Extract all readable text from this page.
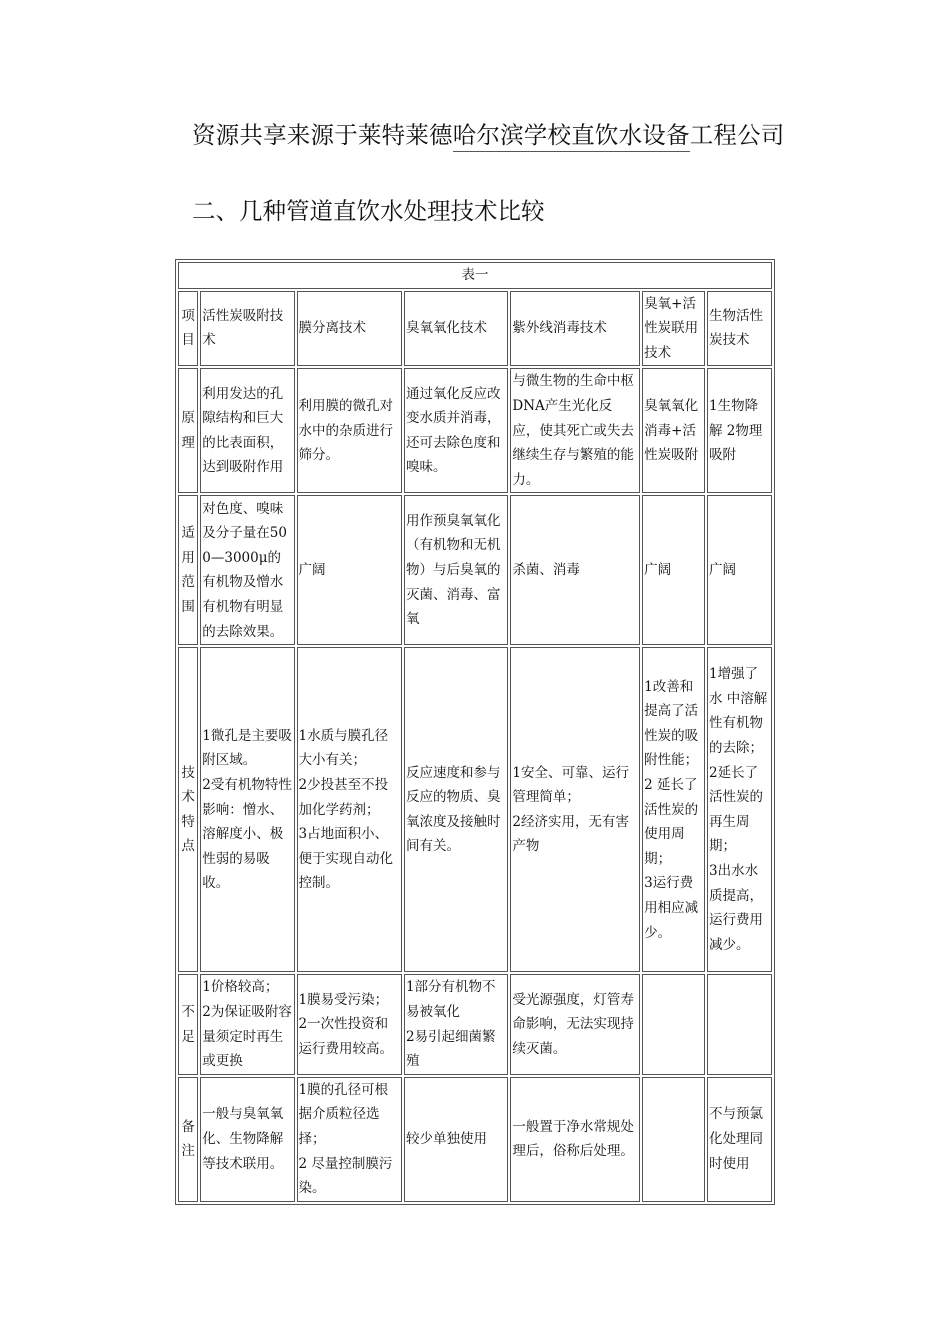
资源共享来源于莱特莱德哈尔滨学校直饮水设备工程公司
二、几种管道直饮水处理技术比较
表一						
项目	活性炭吸附技术	膜分离技术	臭氧氧化技术	紫外线消毒技术	臭氧+活性炭联用技术	生物活性炭技术
原理	利用发达的孔隙结构和巨大的比表面积，达到吸附作用	利用膜的微孔对水中的杂质进行筛分。	通过氧化反应改变水质并消毒，还可去除色度和嗅味。	与微生物的生命中枢DNA产生光化反应，使其死亡或失去继续生存与繁殖的能力。	臭氧氧化消毒+活性炭吸附	1生物降解 2物理吸附
适用范围	对色度、嗅味及分子量在500—3000μ的有机物及憎水有机物有明显的去除效果。	广阔	用作预臭氧氧化（有机物和无机物）与后臭氧的灭菌、消毒、富氧	杀菌、消毒	广阔	广阔
技术特点	1微孔是主要吸附区域。
2受有机物特性影响：憎水、溶解度小、极性弱的易吸收。	1水质与膜孔径大小有关；
2少投甚至不投加化学药剂；
3占地面积小、便于实现自动化控制。	反应速度和参与反应的物质、臭氧浓度及接触时间有关。	1安全、可靠、运行管理简单；
2经济实用，无有害产物	1改善和提高了活性炭的吸附性能；
2 延长了活性炭的使用周期；
3运行费用相应减少。	1增强了水 中溶解性有机物的去除；
2延长了活性炭的再生周期；
3出水水质提高，运行费用减少。
不足	1价格较高；
2为保证吸附容量须定时再生或更换	1膜易受污染；
2一次性投资和运行费用较高。	1部分有机物不易被氧化
2易引起细菌繁殖	受光源强度，灯管寿命影响，无法实现持续灭菌。		
备注	一般与臭氧氧化、生物降解等技术联用。	1膜的孔径可根据介质粒径选择；
2 尽量控制膜污染。	较少单独使用	一般置于净水常规处理后，俗称后处理。		不与预氯化处理同时使用
